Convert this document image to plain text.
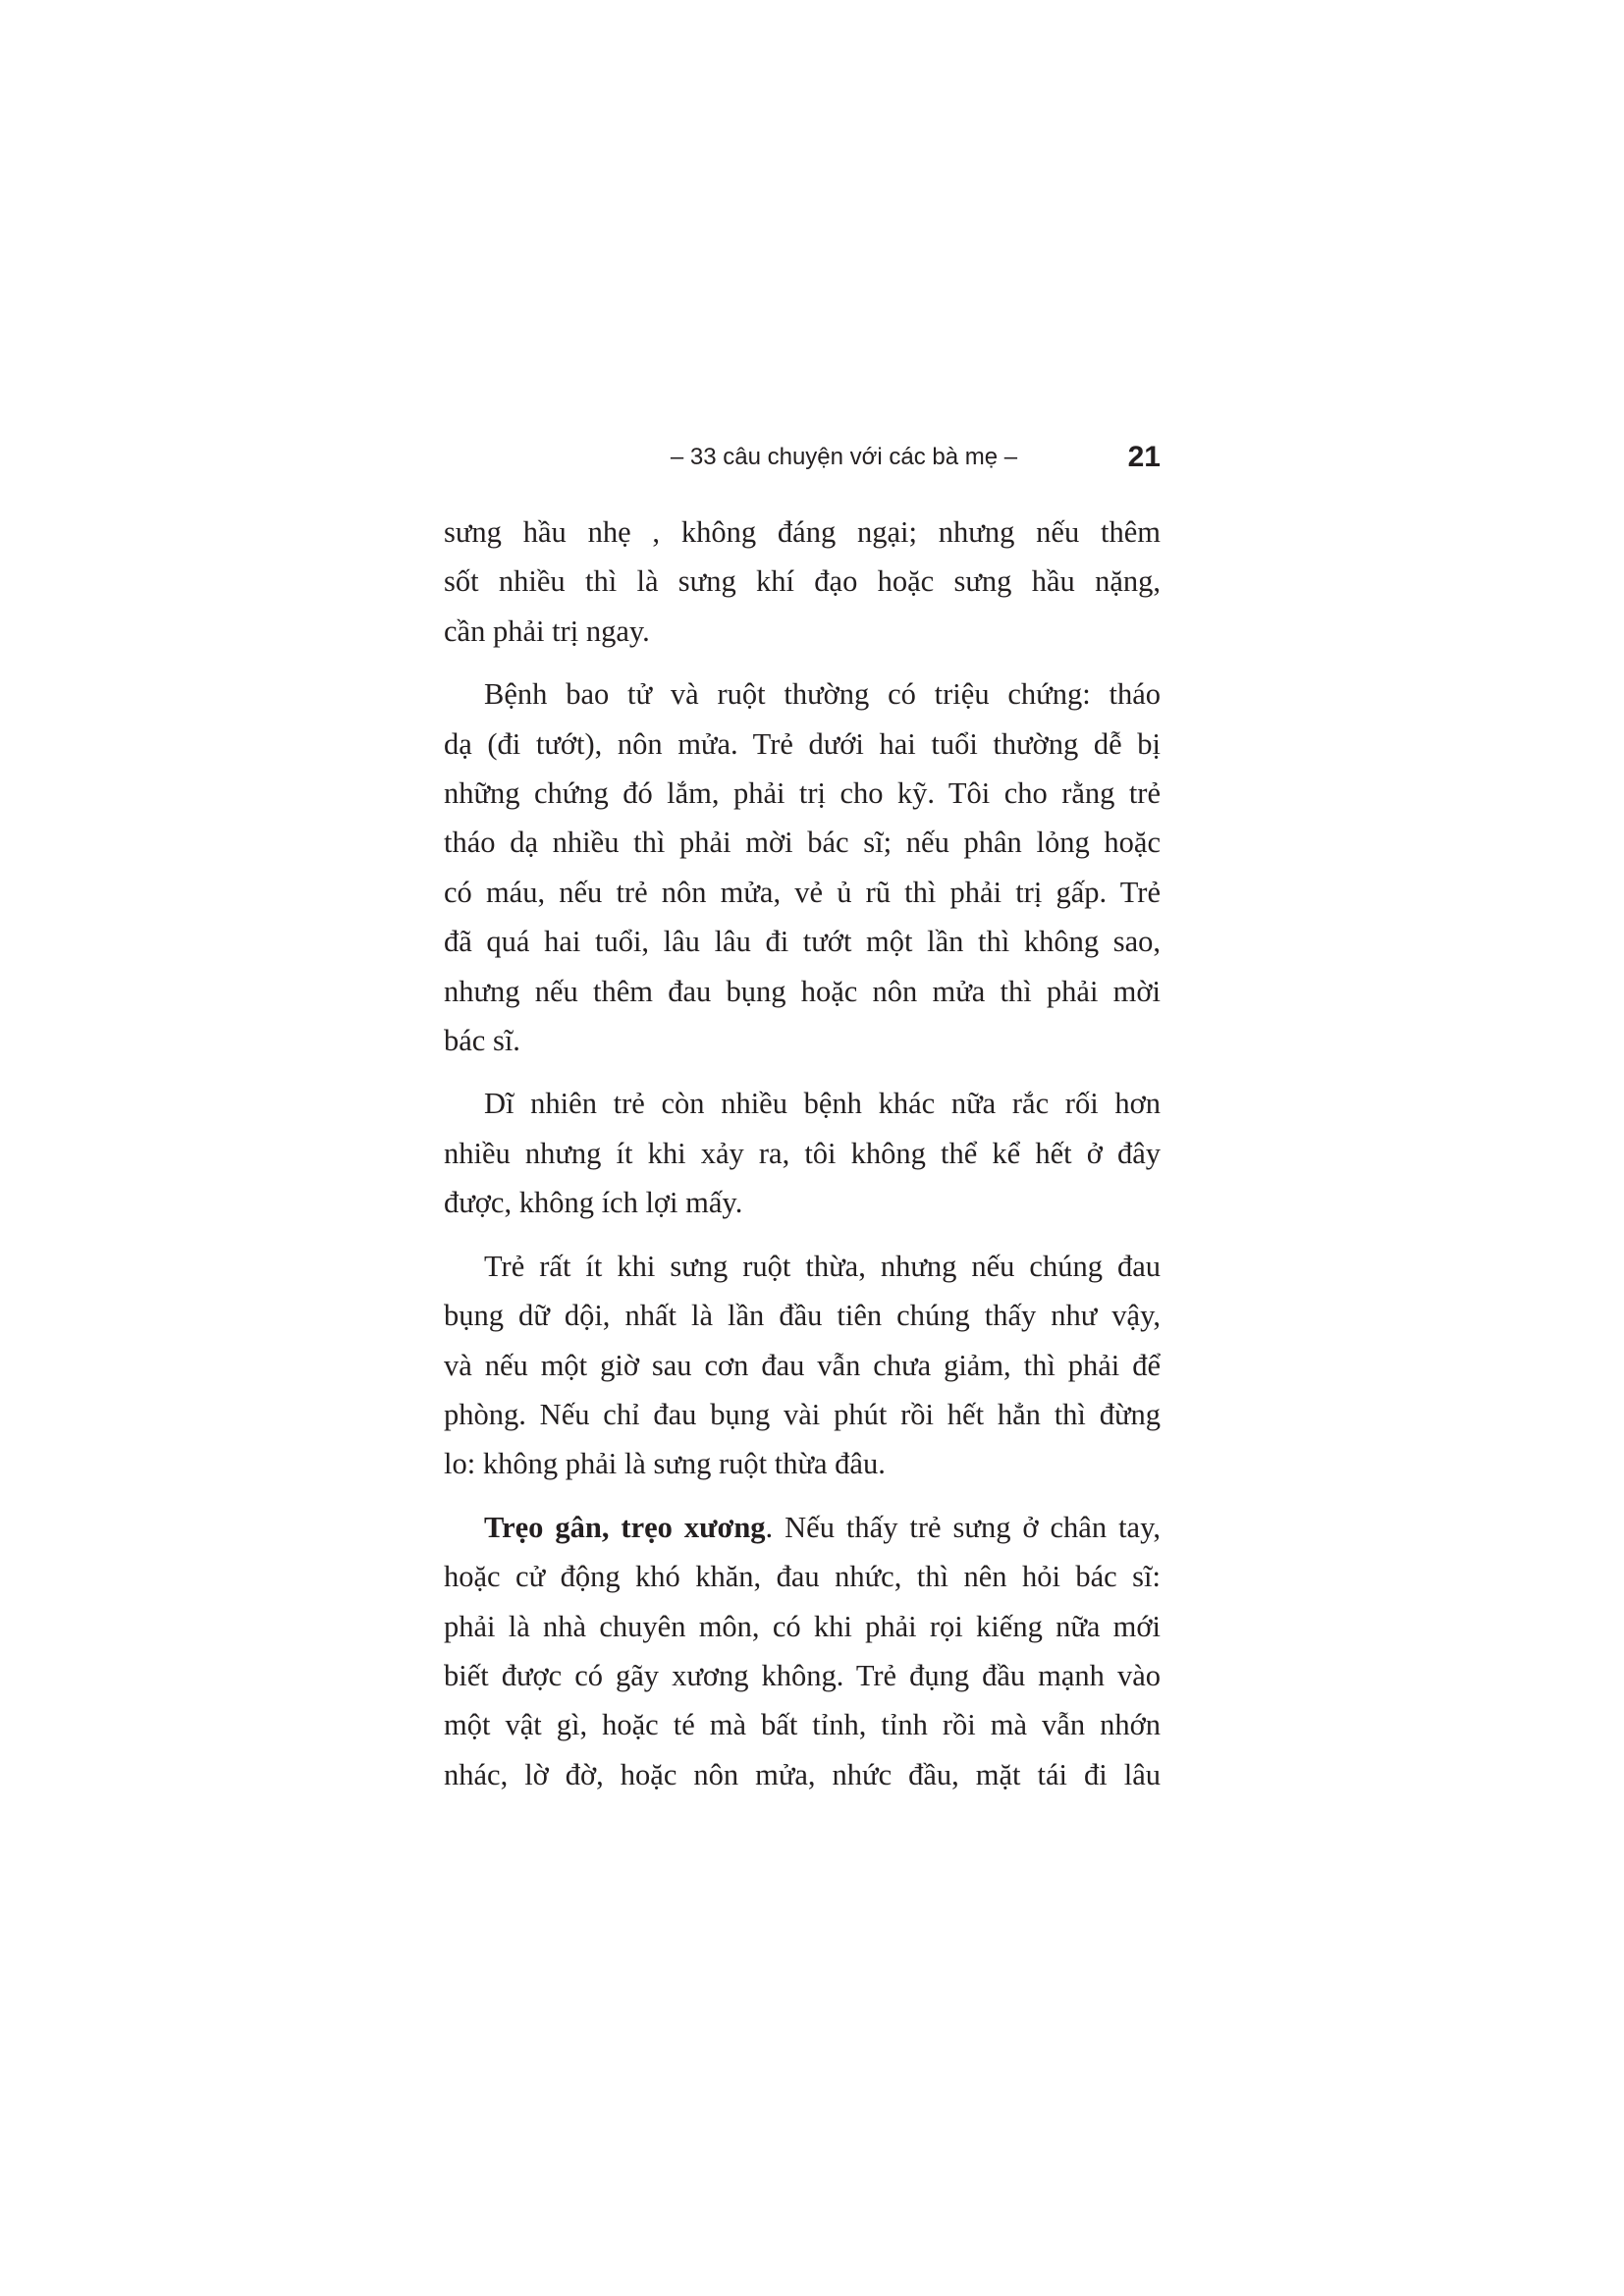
– 33 câu chuyện với các bà mẹ –	21

sưng hầu nhẹ , không đáng ngại; nhưng nếu thêm
sốt nhiều thì là sưng khí đạo hoặc sưng hầu nặng,
cần phải trị ngay.

Bệnh bao tử và ruột thường có triệu chứng: tháo
dạ (đi tướt), nôn mửa. Trẻ dưới hai tuổi thường dễ bị
những chứng đó lắm, phải trị cho kỹ. Tôi cho rằng trẻ
tháo dạ nhiều thì phải mời bác sĩ; nếu phân lỏng hoặc
có máu, nếu trẻ nôn mửa, vẻ ủ rũ thì phải trị gấp. Trẻ
đã quá hai tuổi, lâu lâu đi tướt một lần thì không sao,
nhưng nếu thêm đau bụng hoặc nôn mửa thì phải mời
bác sĩ.

Dĩ nhiên trẻ còn nhiều bệnh khác nữa rắc rối hơn
nhiều nhưng ít khi xảy ra, tôi không thể kể hết ở đây
được, không ích lợi mấy.

Trẻ rất ít khi sưng ruột thừa, nhưng nếu chúng đau
bụng dữ dội, nhất là lần đầu tiên chúng thấy như vậy,
và nếu một giờ sau cơn đau vẫn chưa giảm, thì phải để
phòng. Nếu chỉ đau bụng vài phút rồi hết hẳn thì đừng
lo: không phải là sưng ruột thừa đâu.

Trẹo gân, trẹo xương. Nếu thấy trẻ sưng ở chân tay,
hoặc cử động khó khăn, đau nhức, thì nên hỏi bác sĩ:
phải là nhà chuyên môn, có khi phải rọi kiếng nữa mới
biết được có gãy xương không. Trẻ đụng đầu mạnh vào
một vật gì, hoặc té mà bất tỉnh, tỉnh rồi mà vẫn nhớn
nhác, lờ đờ, hoặc nôn mửa, nhức đầu, mặt tái đi lâu
